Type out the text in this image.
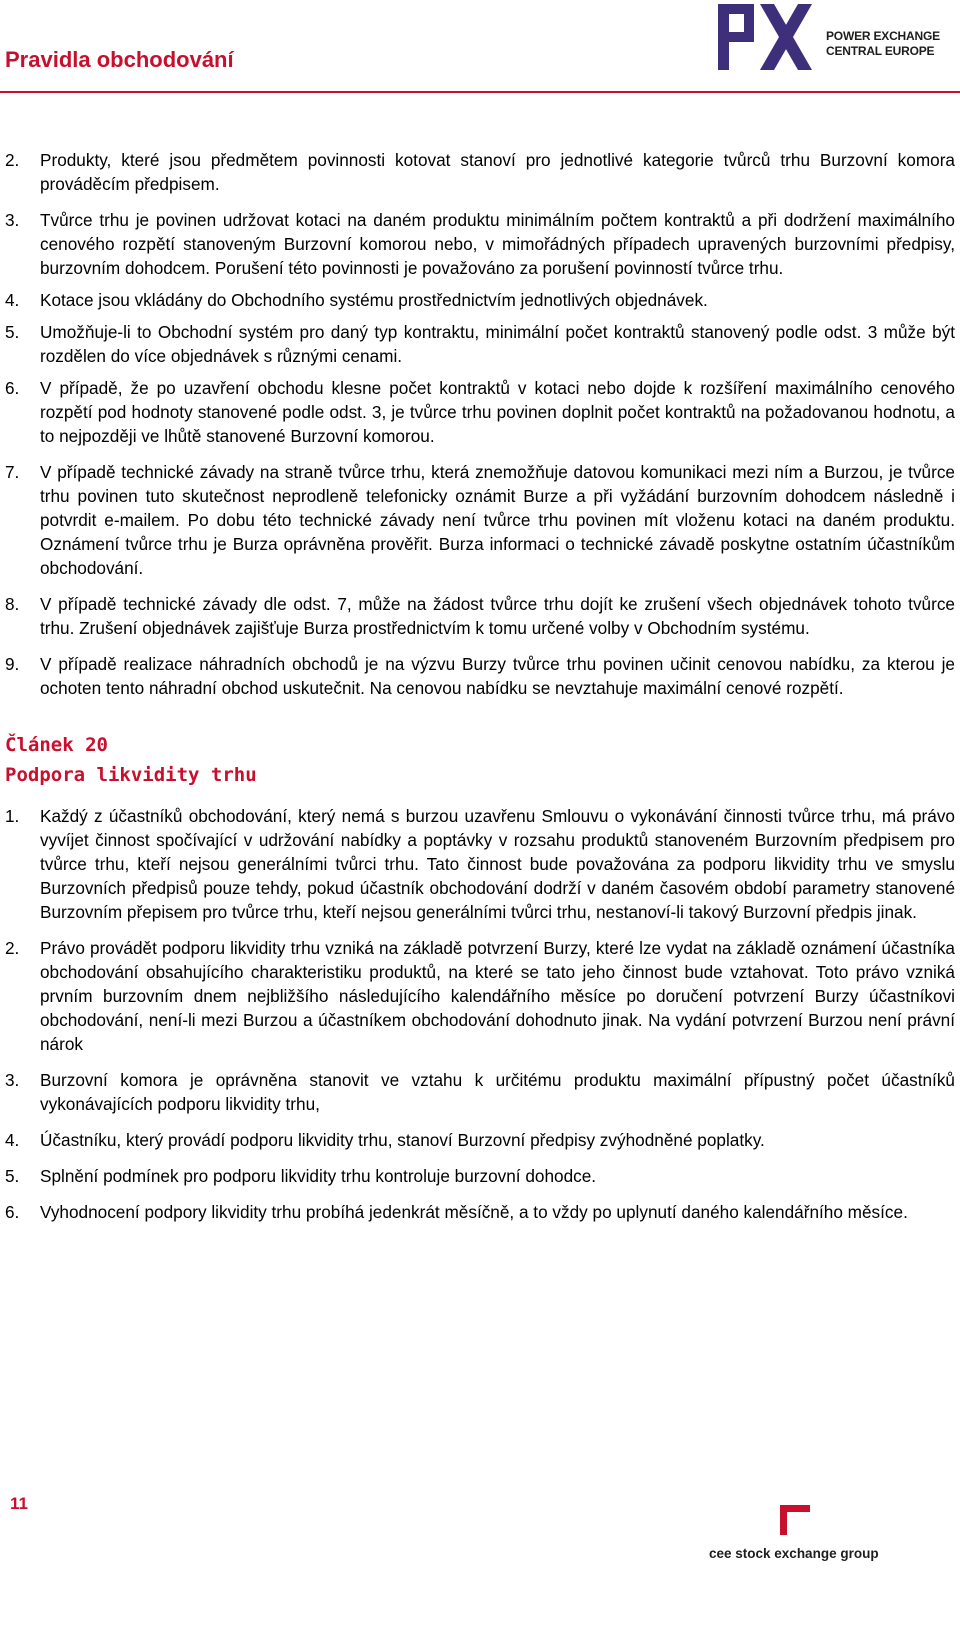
Pravidla obchodování
POWER EXCHANGE
CENTRAL EUROPE
2. Produkty, které jsou předmětem povinnosti kotovat stanoví pro jednotlivé kategorie tvůrců trhu Burzovní komora prováděcím předpisem.
3. Tvůrce trhu je povinen udržovat kotaci na daném produktu minimálním počtem kontraktů a při dodržení maximálního cenového rozpětí stanoveným Burzovní komorou nebo, v mimořádných případech upravených burzovními předpisy, burzovním dohodcem. Porušení této povinnosti je považováno za porušení povinností tvůrce trhu.
4. Kotace jsou vkládány do Obchodního systému prostřednictvím jednotlivých objednávek.
5. Umožňuje-li to Obchodní systém pro daný typ kontraktu, minimální počet kontraktů stanovený podle odst. 3 může být rozdělen do více objednávek s různými cenami.
6. V případě, že po uzavření obchodu klesne počet kontraktů v kotaci nebo dojde k rozšíření maximálního cenového rozpětí pod hodnoty stanovené podle odst. 3, je tvůrce trhu povinen doplnit počet kontraktů na požadovanou hodnotu, a to nejpozději ve lhůtě stanovené Burzovní komorou.
7. V případě technické závady na straně tvůrce trhu, která znemožňuje datovou komunikaci mezi ním a Burzou, je tvůrce trhu povinen tuto skutečnost neprodleně telefonicky oznámit Burze a při vyžádání burzovním dohodcem následně i potvrdit e-mailem. Po dobu této technické závady není tvůrce trhu povinen mít vloženu kotaci na daném produktu. Oznámení tvůrce trhu je Burza oprávněna prověřit. Burza informaci o technické závadě poskytne ostatním účastníkům obchodování.
8. V případě technické závady dle odst. 7, může na žádost tvůrce trhu dojít ke zrušení všech objednávek tohoto tvůrce trhu. Zrušení objednávek zajišťuje Burza prostřednictvím k tomu určené volby v Obchodním systému.
9. V případě realizace náhradních obchodů je na výzvu Burzy tvůrce trhu povinen učinit cenovou nabídku, za kterou je ochoten tento náhradní obchod uskutečnit. Na cenovou nabídku se nevztahuje maximální cenové rozpětí.
Článek 20
Podpora likvidity trhu
1. Každý z účastníků obchodování, který nemá s burzou uzavřenu Smlouvu o vykonávání činnosti tvůrce trhu, má právo vyvíjet činnost spočívající v udržování nabídky a poptávky v rozsahu produktů stanoveném Burzovním předpisem pro tvůrce trhu, kteří nejsou generálními tvůrci trhu. Tato činnost bude považována za podporu likvidity trhu ve smyslu Burzovních předpisů pouze tehdy, pokud účastník obchodování dodrží v daném časovém období parametry stanovené Burzovním přepisem pro tvůrce trhu, kteří nejsou generálními tvůrci trhu, nestanoví-li takový Burzovní předpis jinak.
2. Právo provádět podporu likvidity trhu vzniká na základě potvrzení Burzy, které lze vydat na základě oznámení účastníka obchodování obsahujícího charakteristiku produktů, na které se tato jeho činnost bude vztahovat. Toto právo vzniká prvním burzovním dnem nejbližšího následujícího kalendářního měsíce po doručení potvrzení Burzy účastníkovi obchodování, není-li mezi Burzou a účastníkem obchodování dohodnuto jinak. Na vydání potvrzení Burzou není právní nárok
3. Burzovní komora je oprávněna stanovit ve vztahu k určitému produktu maximální přípustný počet účastníků vykonávajících podporu likvidity trhu,
4. Účastníku, který provádí podporu likvidity trhu, stanoví Burzovní předpisy zvýhodněné poplatky.
5. Splnění podmínek pro podporu likvidity trhu kontroluje burzovní dohodce.
6. Vyhodnocení podpory likvidity trhu probíhá jedenkrát měsíčně, a to vždy po uplynutí daného kalendářního měsíce.
11
cee stock exchange group
